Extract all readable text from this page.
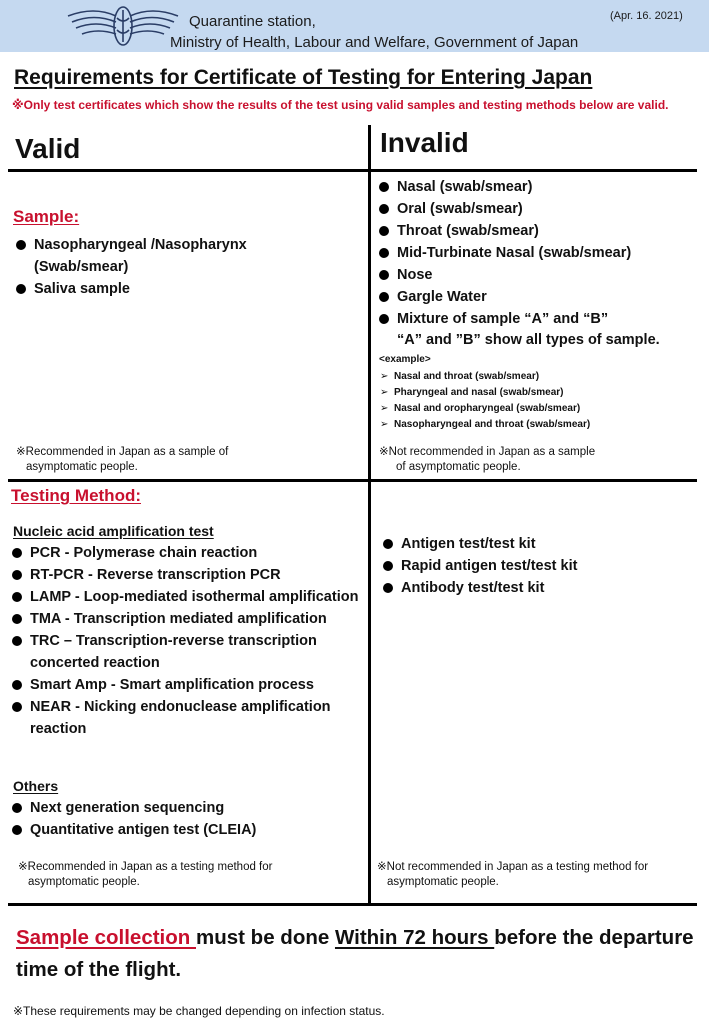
Quarantine station,
Ministry of Health, Labour and Welfare, Government of Japan
(Apr. 16. 2021)
Requirements for Certificate of Testing for Entering Japan
※Only test certificates which show the results of the test using valid samples and testing methods below are valid.
Valid	Invalid
Sample:
Nasopharyngeal /Nasopharynx (Swab/smear)
Saliva sample
※Recommended in Japan as a sample of
asymptomatic people.
Nasal (swab/smear)
Oral (swab/smear)
Throat (swab/smear)
Mid-Turbinate Nasal (swab/smear)
Nose
Gargle Water
Mixture of sample “A” and “B”
“A” and ”B” show all types of sample.
<example>
➢ Nasal and throat (swab/smear)
➢ Pharyngeal and nasal (swab/smear)
➢ Nasal and oropharyngeal (swab/smear)
➢ Nasopharyngeal and throat (swab/smear)
※Not recommended in Japan as a sample
of asymptomatic people.
Testing Method:
Nucleic acid amplification test
PCR - Polymerase chain reaction
RT-PCR - Reverse transcription PCR
LAMP - Loop-mediated isothermal amplification
TMA - Transcription mediated amplification
TRC – Transcription-reverse transcription concerted reaction
Smart Amp - Smart amplification process
NEAR - Nicking endonuclease amplification reaction
Others
Next generation sequencing
Quantitative antigen test (CLEIA)
※Recommended in Japan as a testing method for
asymptomatic people.
Antigen test/test kit
Rapid antigen test/test kit
Antibody test/test kit
※Not recommended in Japan as a testing method for
asymptomatic people.
Sample collection must be done Within 72 hours before the departure time of the flight.
※These requirements may be changed depending on infection status.
